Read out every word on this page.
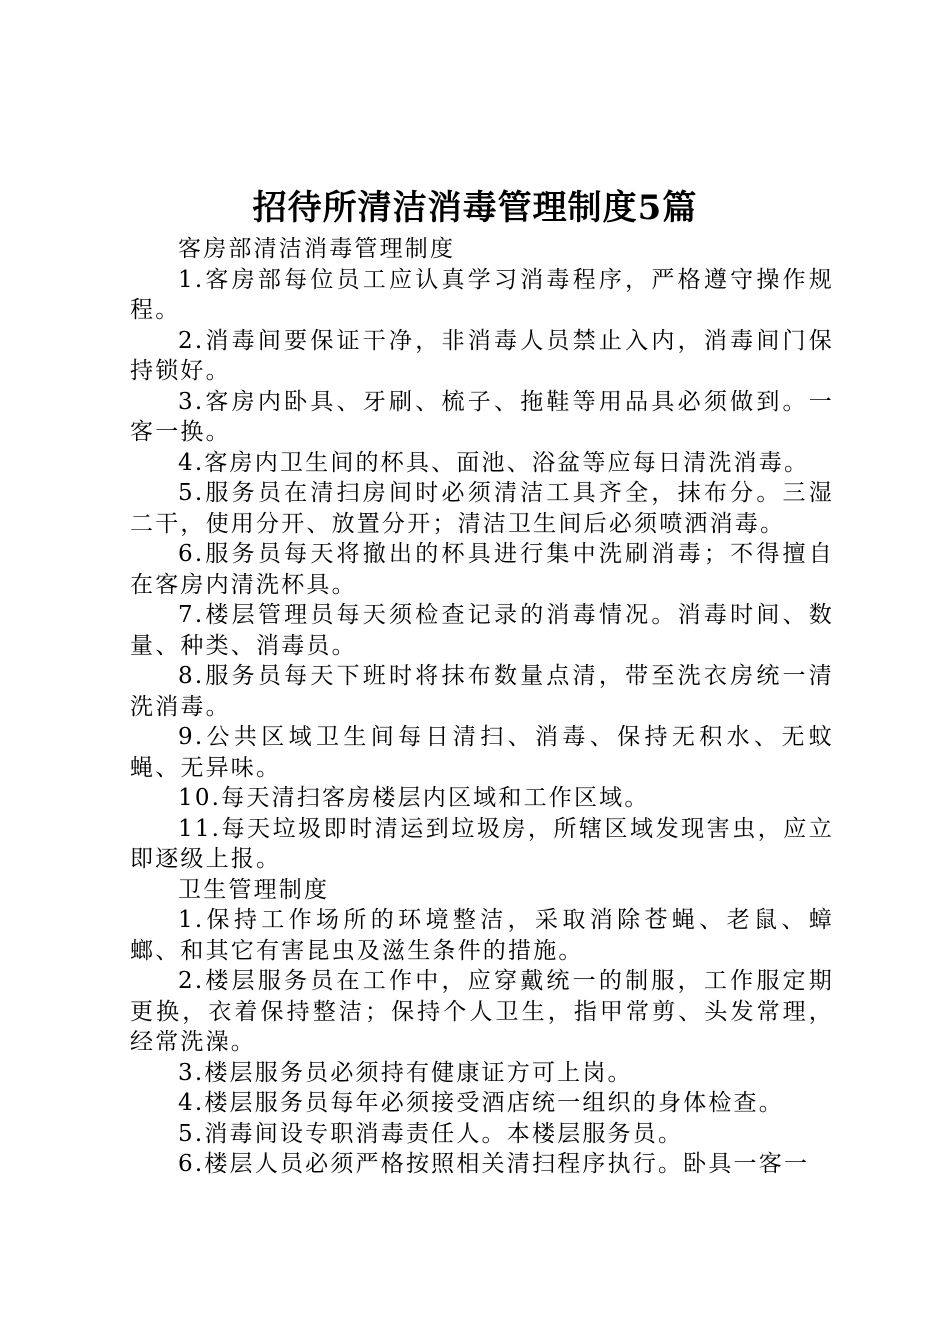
招待所清洁消毒管理制度5篇

客房部清洁消毒管理制度

1.客房部每位员工应认真学习消毒程序，严格遵守操作规程。

2.消毒间要保证干净，非消毒人员禁止入内，消毒间门保持锁好。

3.客房内卧具、牙刷、梳子、拖鞋等用品具必须做到。一客一换。

4.客房内卫生间的杯具、面池、浴盆等应每日清洗消毒。

5.服务员在清扫房间时必须清洁工具齐全，抹布分。三湿二干，使用分开、放置分开；清洁卫生间后必须喷洒消毒。

6.服务员每天将撤出的杯具进行集中洗刷消毒；不得擅自在客房内清洗杯具。

7.楼层管理员每天须检查记录的消毒情况。消毒时间、数量、种类、消毒员。

8.服务员每天下班时将抹布数量点清，带至洗衣房统一清洗消毒。

9.公共区域卫生间每日清扫、消毒、保持无积水、无蚊蝇、无异味。

10.每天清扫客房楼层内区域和工作区域。

11.每天垃圾即时清运到垃圾房，所辖区域发现害虫，应立即逐级上报。

卫生管理制度

1.保持工作场所的环境整洁，采取消除苍蝇、老鼠、蟑螂、和其它有害昆虫及滋生条件的措施。

2.楼层服务员在工作中，应穿戴统一的制服，工作服定期更换，衣着保持整洁；保持个人卫生，指甲常剪、头发常理，经常洗澡。

3.楼层服务员必须持有健康证方可上岗。

4.楼层服务员每年必须接受酒店统一组织的身体检查。

5.消毒间设专职消毒责任人。本楼层服务员。

6.楼层人员必须严格按照相关清扫程序执行。卧具一客一
